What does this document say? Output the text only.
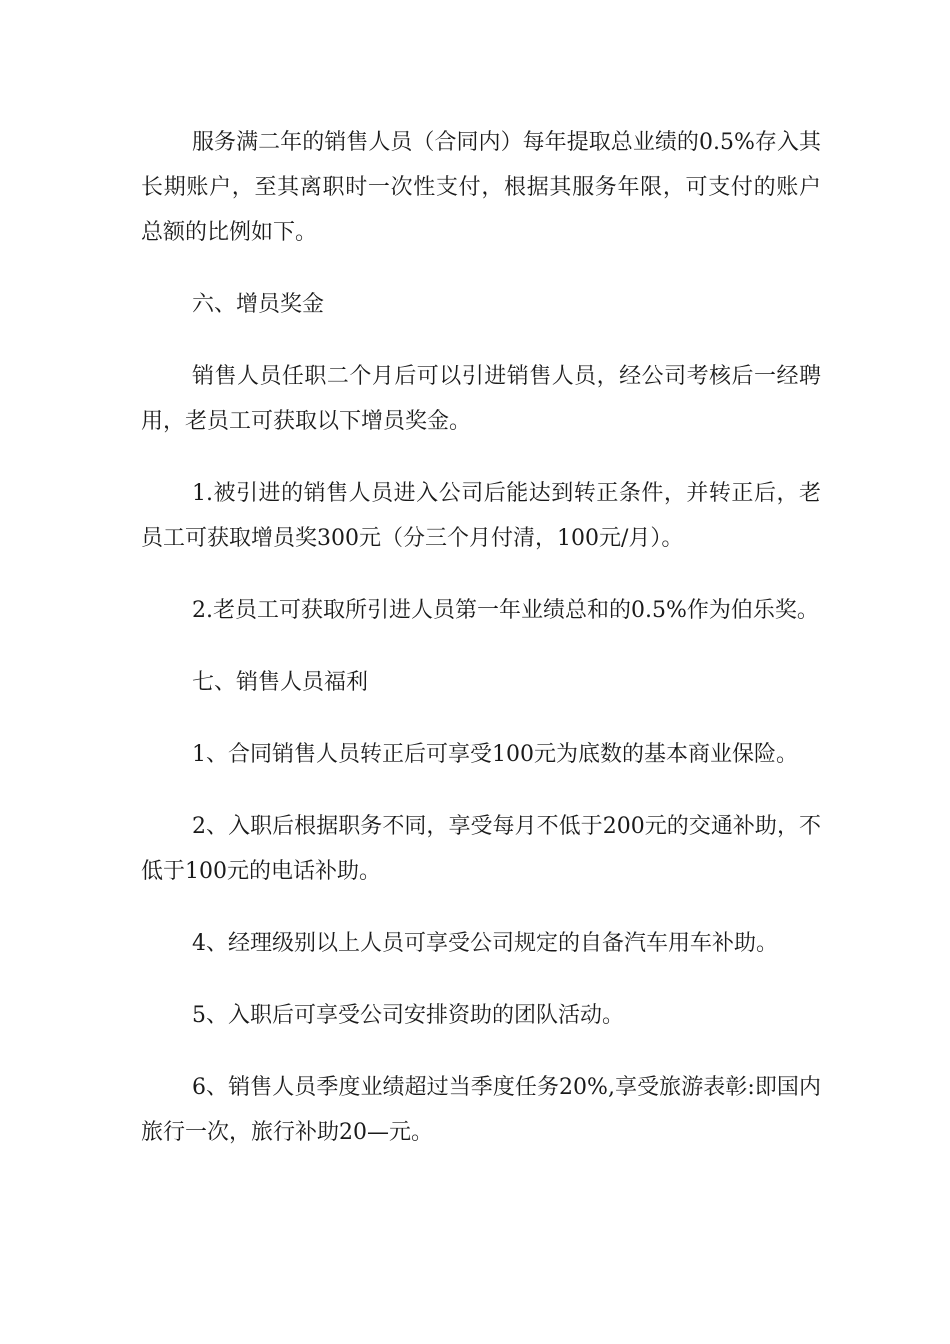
服务满二年的销售人员（合同内）每年提取总业绩的0.5%存入其长期账户，至其离职时一次性支付，根据其服务年限，可支付的账户总额的比例如下。

六、增员奖金

销售人员任职二个月后可以引进销售人员，经公司考核后一经聘用，老员工可获取以下增员奖金。

1.被引进的销售人员进入公司后能达到转正条件，并转正后，老员工可获取增员奖300元（分三个月付清，100元/月）。

2.老员工可获取所引进人员第一年业绩总和的0.5%作为伯乐奖。

七、销售人员福利

1、合同销售人员转正后可享受100元为底数的基本商业保险。

2、入职后根据职务不同，享受每月不低于200元的交通补助，不低于100元的电话补助。

4、经理级别以上人员可享受公司规定的自备汽车用车补助。

5、入职后可享受公司安排资助的团队活动。

6、销售人员季度业绩超过当季度任务20%,享受旅游表彰:即国内旅行一次，旅行补助20—元。
